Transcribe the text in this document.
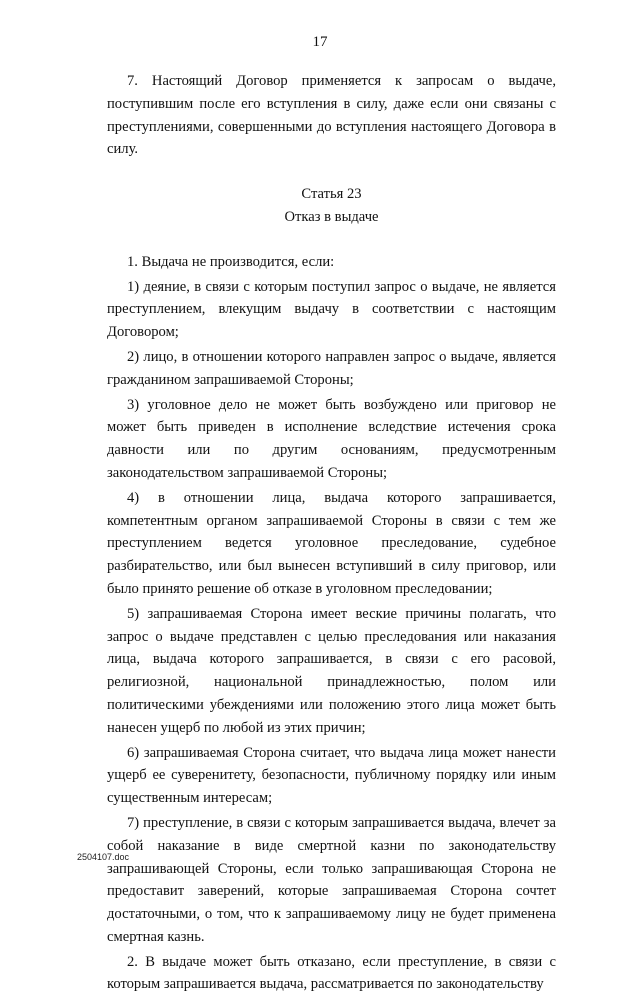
17

7. Настоящий Договор применяется к запросам о выдаче, поступившим после его вступления в силу, даже если они связаны с преступлениями, совершенными до вступления настоящего Договора в силу.

Статья 23

Отказ в выдаче

1. Выдача не производится, если:

1) деяние, в связи с которым поступил запрос о выдаче, не является преступлением, влекущим выдачу в соответствии с настоящим Договором;

2) лицо, в отношении которого направлен запрос о выдаче, является гражданином запрашиваемой Стороны;

3) уголовное дело не может быть возбуждено или приговор не может быть приведен в исполнение вследствие истечения срока давности или по другим основаниям, предусмотренным законодательством запрашиваемой Стороны;

4) в отношении лица, выдача которого запрашивается, компетентным органом запрашиваемой Стороны в связи с тем же преступлением ведется уголовное преследование, судебное разбирательство, или был вынесен вступивший в силу приговор, или было принято решение об отказе в уголовном преследовании;

5) запрашиваемая Сторона имеет веские причины полагать, что запрос о выдаче представлен с целью преследования или наказания лица, выдача которого запрашивается, в связи с его расовой, религиозной, национальной принадлежностью, полом или политическими убеждениями или положению этого лица может быть нанесен ущерб по любой из этих причин;

6) запрашиваемая Сторона считает, что выдача лица может нанести ущерб ее суверенитету, безопасности, публичному порядку или иным существенным интересам;

7) преступление, в связи с которым запрашивается выдача, влечет за собой наказание в виде смертной казни по законодательству запрашивающей Стороны, если только запрашивающая Сторона не предоставит заверений, которые запрашиваемая Сторона сочтет достаточными, о том, что к запрашиваемому лицу не будет применена смертная казнь.

2. В выдаче может быть отказано, если преступление, в связи с которым запрашивается выдача, рассматривается по законодательству

2504107.doc
